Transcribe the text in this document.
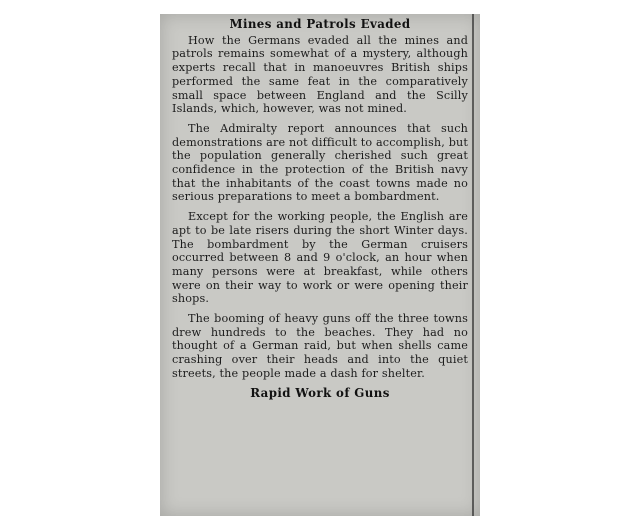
Mines and Patrols Evaded

How the Germans evaded all the mines and patrols remains somewhat of a mystery, although experts recall that in manoeuvres British ships performed the same feat in the comparatively small space between England and the Scilly Islands, which, however, was not mined.

The Admiralty report announces that such demonstrations are not difficult to accomplish, but the population generally cherished such great confidence in the protection of the British navy that the inhabitants of the coast towns made no serious preparations to meet a bombardment.

Except for the working people, the English are apt to be late risers during the short Winter days. The bombardment by the German cruisers occurred between 8 and 9 o'clock, an hour when many persons were at breakfast, while others were on their way to work or were opening their shops.

The booming of heavy guns off the three towns drew hundreds to the beaches. They had no thought of a German raid, but when shells came crashing over their heads and into the quiet streets, the people made a dash for shelter.

Rapid Work of Guns
